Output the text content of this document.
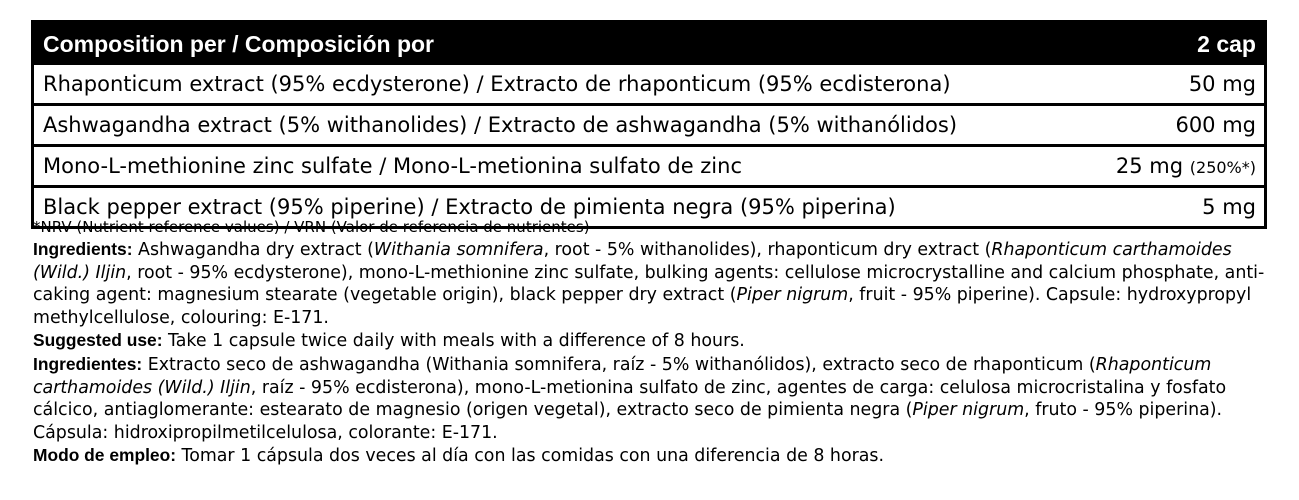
Composition per / Composición por	2 cap
Rhaponticum extract (95% ecdysterone) / Extracto de rhaponticum (95% ecdisterona)	50 mg
Ashwagandha extract (5% withanolides) / Extracto de ashwagandha (5% withanólidos)	600 mg
Mono-L-methionine zinc sulfate / Mono-L-metionina sulfato de zinc	25 mg (250%*)
Black pepper extract (95% piperine) / Extracto de pimienta negra (95% piperina)	5 mg

*NRV (Nutrient reference values) / VRN (Valor de referencia de nutrientes)

Ingredients: Ashwagandha dry extract (Withania somnifera, root - 5% withanolides), rhaponticum dry extract (Rhaponticum carthamoides (Wild.) Iljin, root - 95% ecdysterone), mono-L-methionine zinc sulfate, bulking agents: cellulose microcrystalline and calcium phosphate, anti-caking agent: magnesium stearate (vegetable origin), black pepper dry extract (Piper nigrum, fruit - 95% piperine). Capsule: hydroxypropyl methylcellulose, colouring: E-171.

Suggested use: Take 1 capsule twice daily with meals with a difference of 8 hours.

Ingredientes: Extracto seco de ashwagandha (Withania somnifera, raíz - 5% withanólidos), extracto seco de rhaponticum (Rhaponticum carthamoides (Wild.) Iljin, raíz - 95% ecdisterona), mono-L-metionina sulfato de zinc, agentes de carga: celulosa microcristalina y fosfato cálcico, antiaglomerante: estearato de magnesio (origen vegetal), extracto seco de pimienta negra (Piper nigrum, fruto - 95% piperina). Cápsula: hidroxipropilmetilcelulosa, colorante: E-171.

Modo de empleo: Tomar 1 cápsula dos veces al día con las comidas con una diferencia de 8 horas.
